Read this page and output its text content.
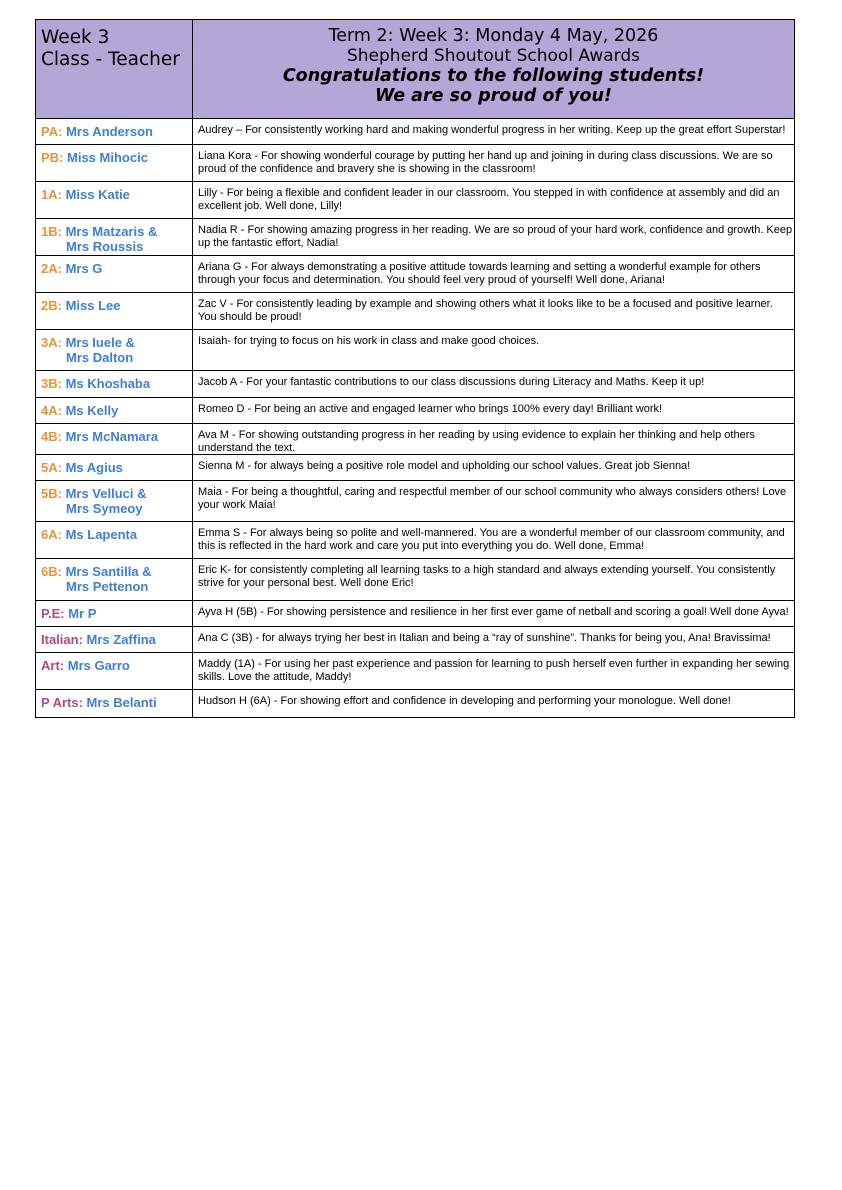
Week 3
Class - Teacher	Term 2: Week 3: Monday 4 May, 2026
Shepherd Shoutout School Awards
Congratulations to the following students!
We are so proud of you!

PA: Mrs Anderson	Audrey – For consistently working hard and making wonderful progress in her writing. Keep up the great effort Superstar!

PB: Miss Mihocic	Liana Kora - For showing wonderful courage by putting her hand up and joining in during class discussions. We are so proud of the confidence and bravery she is showing in the classroom!

1A: Miss Katie	Lilly - For being a flexible and confident leader in our classroom. You stepped in with confidence at assembly and did an excellent job. Well done, Lilly!

1B: Mrs Matzaris &
Mrs Roussis	Nadia R - For showing amazing progress in her reading. We are so proud of your hard work, confidence and growth. Keep up the fantastic effort, Nadia!

2A: Mrs G	Ariana G - For always demonstrating a positive attitude towards learning and setting a wonderful example for others through your focus and determination. You should feel very proud of yourself! Well done, Ariana!

2B: Miss Lee	Zac V - For consistently leading by example and showing others what it looks like to be a focused and positive learner. You should be proud!

3A: Mrs Iuele &
Mrs Dalton	Isaiah- for trying to focus on his work in class and make good choices.

3B: Ms Khoshaba	Jacob A - For your fantastic contributions to our class discussions during Literacy and Maths. Keep it up!

4A: Ms Kelly	Romeo D - For being an active and engaged learner who brings 100% every day! Brilliant work!

4B: Mrs McNamara	Ava M - For showing outstanding progress in her reading by using evidence to explain her thinking and help others understand the text.

5A: Ms Agius	Sienna M - for always being a positive role model and upholding our school values. Great job Sienna!

5B: Mrs Velluci &
Mrs Symeoy	Maia - For being a thoughtful, caring and respectful member of our school community who always considers others! Love your work Maia!

6A: Ms Lapenta	Emma S - For always being so polite and well-mannered. You are a wonderful member of our classroom community, and this is reflected in the hard work and care you put into everything you do. Well done, Emma!

6B: Mrs Santilla &
Mrs Pettenon	Eric K- for consistently completing all learning tasks to a high standard and always extending yourself. You consistently strive for your personal best. Well done Eric!

P.E: Mr P	Ayva H (5B) - For showing persistence and resilience in her first ever game of netball and scoring a goal! Well done Ayva!

Italian: Mrs Zaffina	Ana C (3B) - for always trying her best in Italian and being a “ray of sunshine”. Thanks for being you, Ana! Bravissima!

Art: Mrs Garro	Maddy (1A) - For using her past experience and passion for learning to push herself even further in expanding her sewing skills. Love the attitude, Maddy!

P Arts: Mrs Belanti	Hudson H (6A) - For showing effort and confidence in developing and performing your monologue. Well done!
